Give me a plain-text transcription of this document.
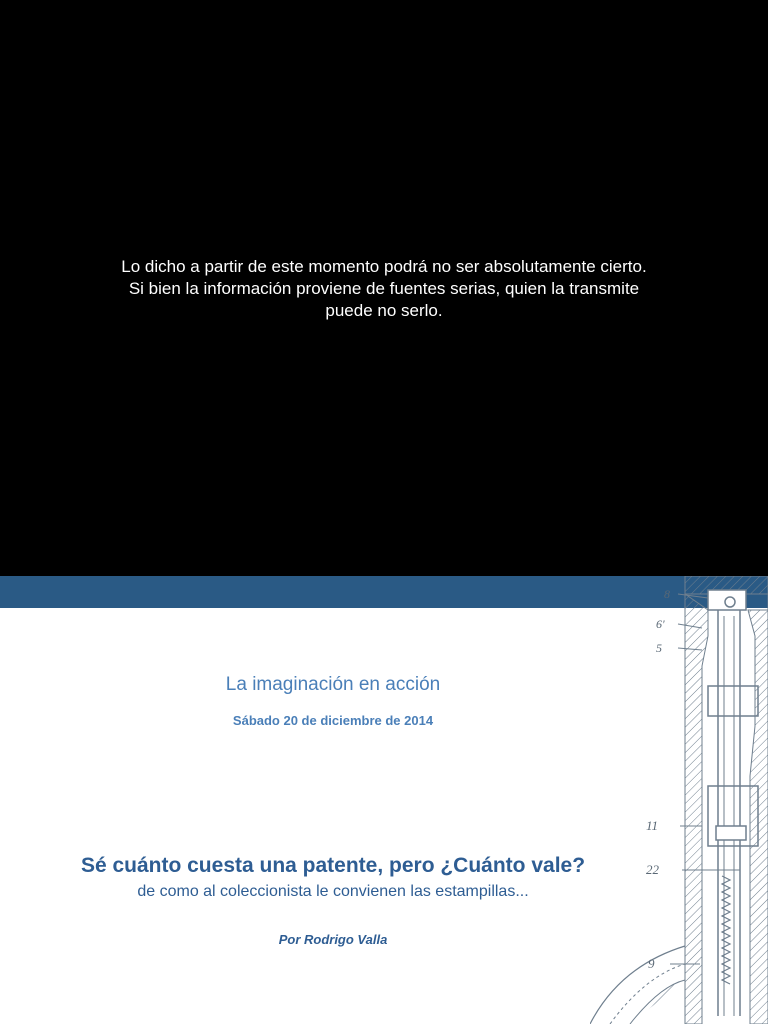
Lo dicho a partir de este momento podrá no ser absolutamente cierto.
Si bien la información proviene de fuentes serias, quien la transmite
puede no serlo.

8
6'
5
11
22
9
La imaginación en acción

Sábado 20 de diciembre de 2014

Sé cuánto cuesta una patente, pero ¿Cuánto vale?

de como al coleccionista le convienen las estampillas...

Por Rodrigo Valla
